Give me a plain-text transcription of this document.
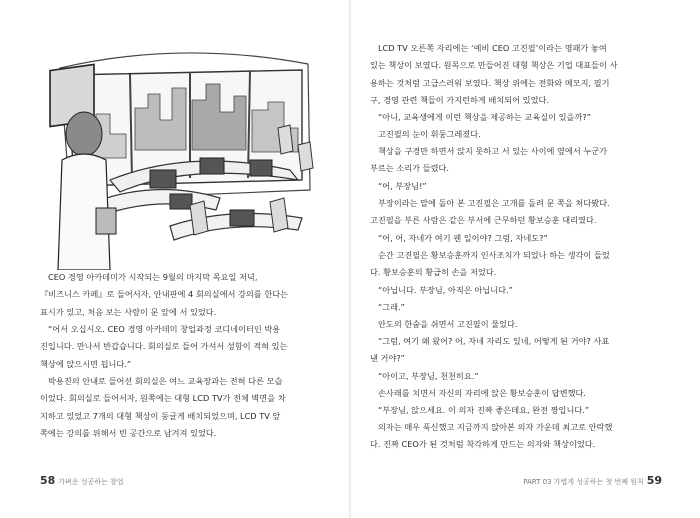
CEO 경영 아카데미가 시작되는 9월의 마지막 목요일 저녁,
『비즈니스 카페』로 들어서자, 안내판에 4 회의실에서 강의를 한다는
표시가 있고, 처음 보는 사람이 문 앞에 서 있었다.
“어서 오십시오. CEO 경영 아카데미 창업과정 코디네이터인 박용
진입니다. 만나서 반갑습니다. 회의실로 들어 가셔서 성함이 적혀 있는
책상에 앉으시면 됩니다.”
박용진의 안내로 들어선 회의실은 여느 교육장과는 전혀 다른 모습
이었다. 회의실로 들어서자, 원쪽에는 대형 LCD TV가 전체 벽면을 차
지하고 있었고 7개의 대형 책상이 둥글게 배치되었으며, LCD TV 앞
쪽에는 강의를 위해서 빈 공간으로 남겨져 있었다.
58 가벼운 성공하는 창업
LCD TV 오른쪽 자리에는 ‘예비 CEO 고진필’이라는 명패가 놓여
있는 책상이 보였다. 원목으로 만들어진 대형 책상은 기업 대표들이 사
용하는 것처럼 고급스러워 보였다. 책상 위에는 전화와 메모지, 필기
구, 경영 관련 책들이 가지런하게 배치되어 있었다.
“아니, 교육생에게 이런 책상을 제공하는 교육실이 있을까?”
고진필의 눈이 휘둥그레졌다.
책상을 구경만 하면서 앉지 못하고 서 있는 사이에 옆에서 누군가
부르는 소리가 들렸다.
“어, 부장님!”
부장이라는 말에 돌아 본 고진필은 고개를 돌려 문 쪽을 쳐다봤다.
고진필을 부른 사람은 같은 부서에 근무하던 황보승훈 대리였다.
“어, 어, 자네가 여기 웬 일이야? 그럼, 자네도?”
순간 고진필은 황보승훈까지 인사조치가 되었나 하는 생각이 들었
다. 황보승훈의 황급히 손을 저었다.
“아닙니다. 부장님, 아직은 아닙니다.”
“그래.”
안도의 한숨을 쉬면서 고진필이 물었다.
“그럼, 여기 왜 왔어? 어, 자네 자리도 있네, 어떻게 된 거야? 사표
낸 거야?”
“아이고, 부장님, 천천히요.”
손사래를 치면서 자신의 자리에 앉은 황보승훈이 답변했다.
“부장님, 앉으세요. 이 의자 진짜 좋은데요, 완전 짱입니다.”
의자는 매우 푹신했고 지금까지 앉아본 의자 가운데 최고로 안락했
다. 진짜 CEO가 된 것처럼 착각하게 만드는 의자와 책상이었다.
PART 03 가볍게 성공하는 첫 번째 원칙 59
